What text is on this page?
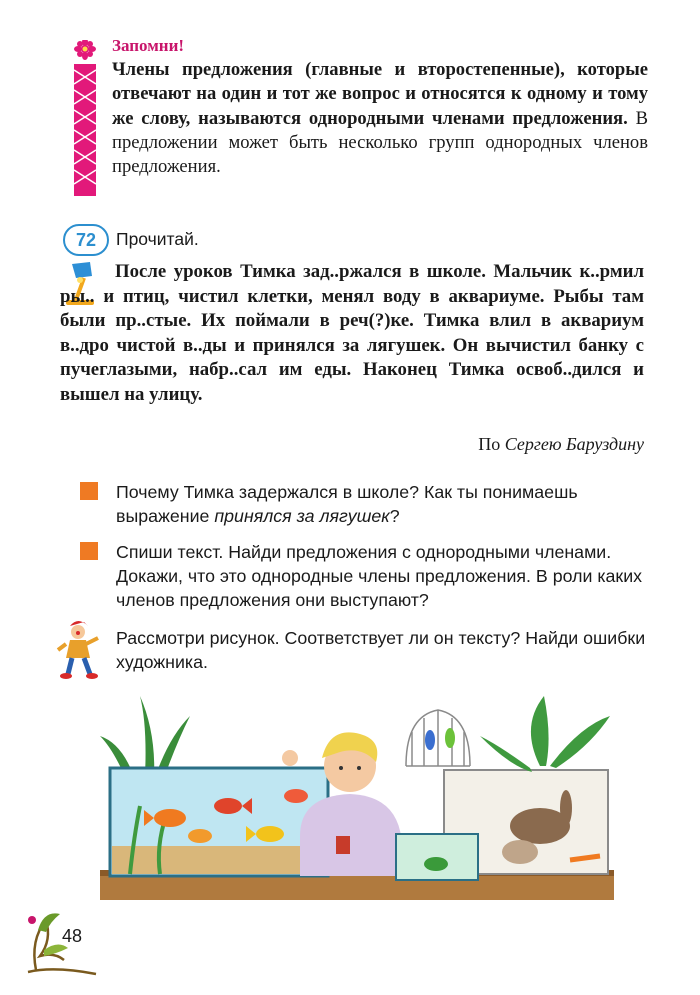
Запомни!
Члены предложения (главные и второстепенные), которые отвечают на один и тот же вопрос и относятся к одному и тому же слову, называются однородными членами предложения. В предложении может быть несколько групп однородных членов предложения.
72	Прочитай.
После уроков Тимка зад..ржался в школе. Мальчик к..рмил ры.. и птиц, чистил клетки, менял воду в аквариуме. Рыбы там были пр..стые. Их поймали в реч(?)ке. Тимка влил в аквариум в..дро чистой в..ды и принялся за лягушек. Он вычистил банку с пучеглазыми, набр..сал им еды. Наконец Тимка освоб..дился и вышел на улицу.
По Сергею Баруздину
Почему Тимка задержался в школе? Как ты понимаешь выражение принялся за лягушек?
Спиши текст. Найди предложения с однородными членами. Докажи, что это однородные члены предложения. В роли каких членов предложения они выступают?
Рассмотри рисунок. Соответствует ли он тексту? Найди ошибки художника.
48
